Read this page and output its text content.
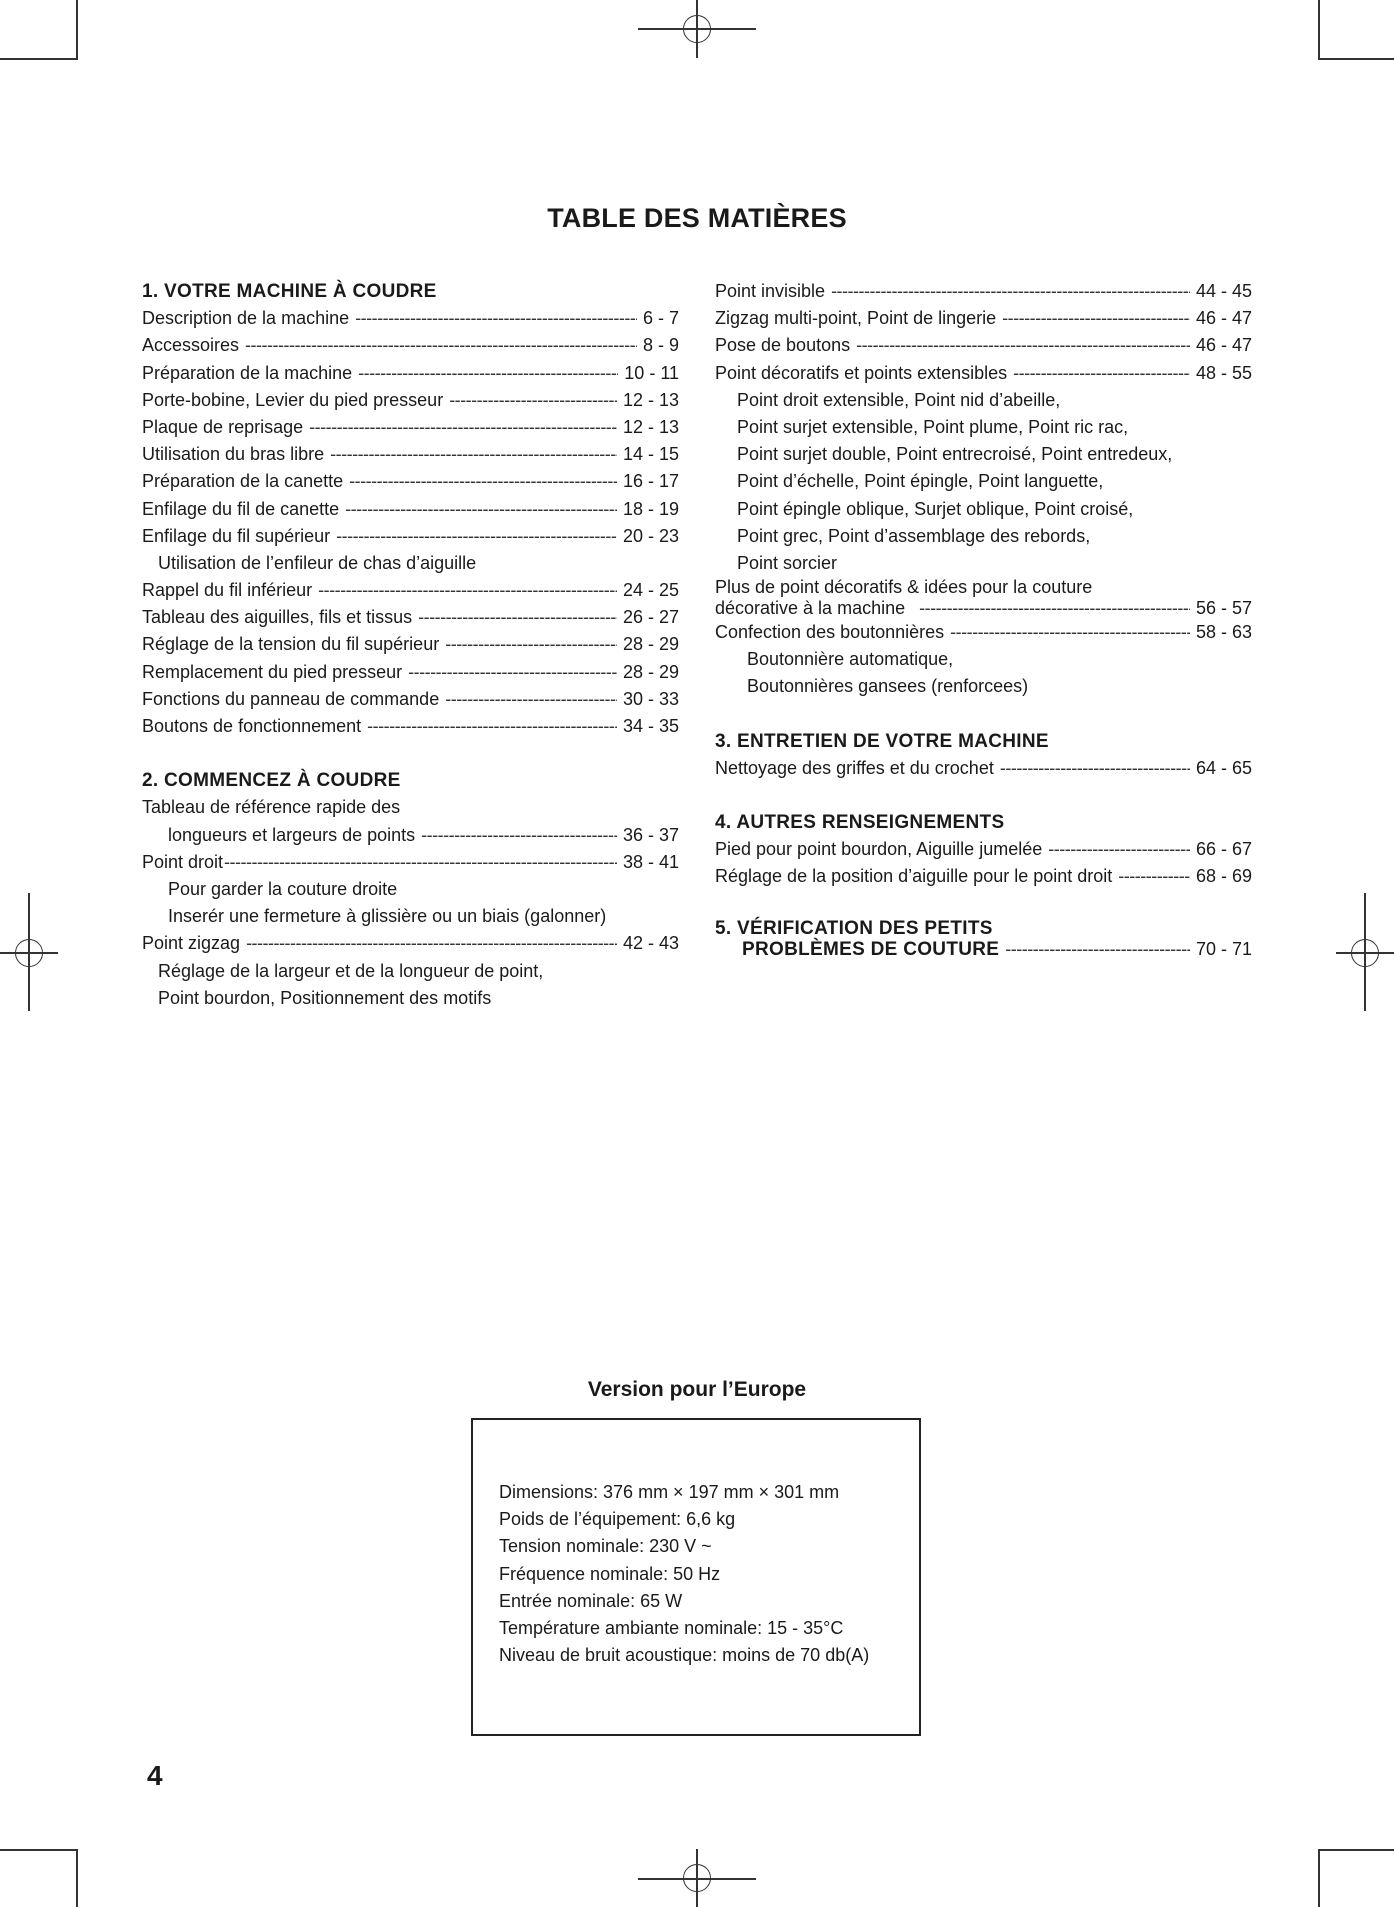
TABLE DES MATIÈRES
1. VOTRE MACHINE À COUDRE
Description de la machine -----	6 - 7
Accessoires -----	8 - 9
Préparation de la machine -----	10 - 11
Porte-bobine, Levier du pied presseur -----	12 - 13
Plaque de reprisage -----	12 - 13
Utilisation du bras libre -----	14 - 15
Préparation de la canette -----	16 - 17
Enfilage du fil de canette -----	18 - 19
Enfilage du fil supérieur -----	20 - 23
Utilisation de l’enfileur de chas d’aiguille
Rappel du fil inférieur -----	24 - 25
Tableau des aiguilles, fils et tissus -----	26 - 27
Réglage de la tension du fil supérieur -----	28 - 29
Remplacement du pied presseur -----	28 - 29
Fonctions du panneau de commande -----	30 - 33
Boutons de fonctionnement -----	34 - 35
2. COMMENCEZ À COUDRE
Tableau de référence rapide des
longueurs et largeurs de points -----	36 - 37
Point droit -----	38 - 41
Pour garder la couture droite
Inserér une fermeture à glissière ou un biais (galonner)
Point zigzag -----	42 - 43
Réglage de la largeur et de la longueur de point,
Point bourdon, Positionnement des motifs
Point invisible -----	44 - 45
Zigzag multi-point, Point de lingerie -----	46 - 47
Pose de boutons -----	46 - 47
Point décoratifs et points extensibles -----	48 - 55
Point droit extensible, Point nid d’abeille,
Point surjet extensible, Point plume, Point ric rac,
Point surjet double, Point entrecroisé, Point entredeux,
Point d’échelle, Point épingle, Point languette,
Point épingle oblique, Surjet oblique, Point croisé,
Point grec, Point d’assemblage des rebords,
Point sorcier
Plus de point décoratifs & idées pour la couture
décorative à la machine -----	56 - 57
Confection des boutonnières -----	58 - 63
Boutonnière automatique,
Boutonnières gansees (renforcees)
3. ENTRETIEN DE VOTRE MACHINE
Nettoyage des griffes et du crochet -----	64 - 65
4. AUTRES RENSEIGNEMENTS
Pied pour point bourdon, Aiguille jumelée -----	66 - 67
Réglage de la position d’aiguille pour le point droit -----	68 - 69
5. VÉRIFICATION DES PETITS
PROBLÈMES DE COUTURE -----	70 - 71
Version pour l’Europe
Dimensions: 376 mm × 197 mm × 301 mm
Poids de l’équipement: 6,6 kg
Tension nominale: 230 V ~
Fréquence nominale: 50 Hz
Entrée nominale: 65 W
Température ambiante nominale: 15 - 35°C
Niveau de bruit acoustique: moins de 70 db(A)
4
